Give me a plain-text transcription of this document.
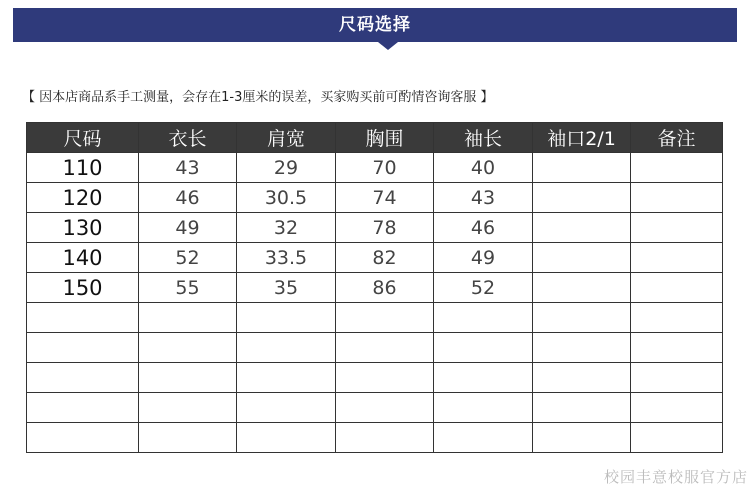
尺码选择
【 因本店商品系手工测量，会存在1-3厘米的误差，买家购买前可酌情咨询客服 】
尺码	衣长	肩宽	胸围	袖长	袖口2/1	备注
110	43	29	70	40		
120	46	30.5	74	43		
130	49	32	78	46		
140	52	33.5	82	49		
150	55	35	86	52		

校园丰意校服官方店
